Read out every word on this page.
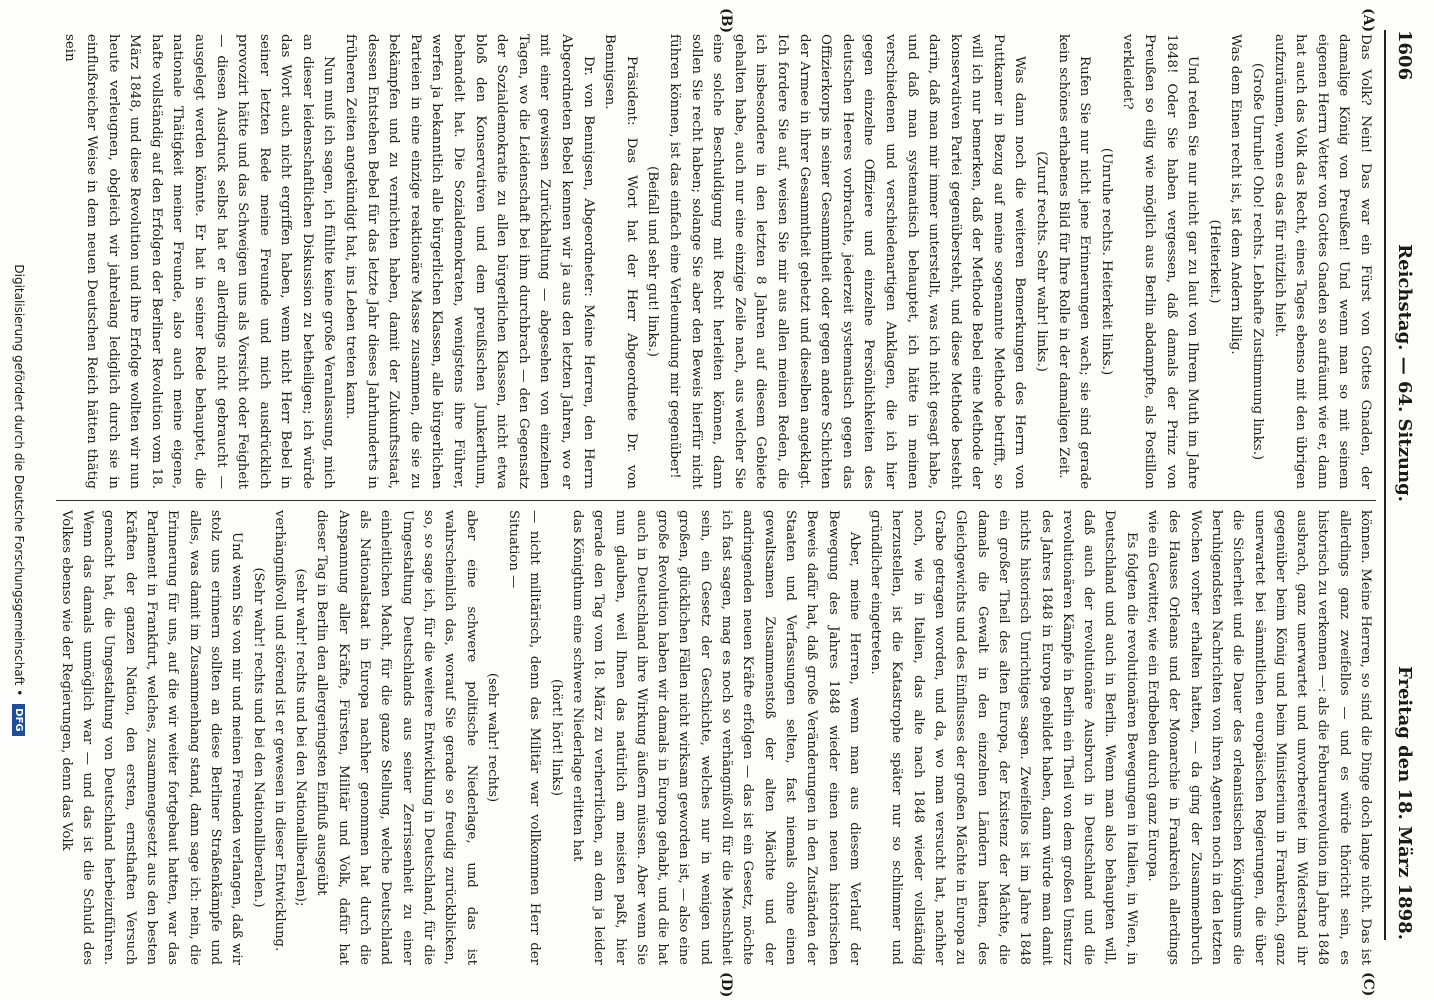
1606
Reichstag. — 64. Sitzung.
Freitag den 18. März 1898.
(A)
(B)
(C)
(D)

Das Volk? Nein! Das war ein Fürst von Gottes Gnaden, der damalige König von Preußen! Und wenn man so mit seinem eigenen Herrn Vetter von Gottes Gnaden so aufräumt wie er, dann hat auch das Volk das Recht, eines Tages ebenso mit den übrigen aufzuräumen, wenn es das für nützlich hielt.

(Große Unruhe! Oho! rechts. Lebhafte Zustimmung links.)

Was dem Einen recht ist, ist dem Andern billig.

(Heiterkeit.)

Und reden Sie nur nicht gar zu laut von Ihrem Muth im Jahre 1848! Oder Sie haben vergessen, daß damals der Prinz von Preußen so eilig wie möglich aus Berlin abdampfte, als Postillon verkleidet?

(Unruhe rechts. Heiterkeit links.)

Rufen Sie nur nicht jene Erinnerungen wach; sie sind gerade kein schönes erhabenes Bild für Ihre Rolle in der damaligen Zeit.

(Zuruf rechts. Sehr wahr! links.)

Was dann noch die weiteren Bemerkungen des Herrn von Puttkamer in Bezug auf meine sogenannte Methode betrifft, so will ich nur bemerken, daß der Methode Bebel eine Methode der konservativen Partei gegenübersteht, und diese Methode besteht darin, daß man mir immer unterstellt, was ich nicht gesagt habe, und daß man systematisch behauptet, ich hätte in meinen verschiedenen und verschiedenartigen Anklagen, die ich hier gegen einzelne Offiziere und einzelne Persönlichkeiten des deutschen Heeres vorbrachte, jederzeit systematisch gegen das Offizierkorps in seiner Gesammtheit oder gegen andere Schichten der Armee in ihrer Gesammtheit gehetzt und dieselben angeklagt. Ich fordere Sie auf, weisen Sie mir aus allen meinen Reden, die ich insbesondere in den letzten 8 Jahren auf diesem Gebiete gehalten habe, auch nur eine einzige Zeile nach, aus welcher Sie eine solche Beschuldigung mit Recht herleiten können, dann sollen Sie recht haben; solange Sie aber den Beweis hierfür nicht führen können, ist das einfach eine Verleumdung mir gegenüber!

(Beifall und sehr gut! links.)

Präsident: Das Wort hat der Herr Abgeordnete Dr. von Bennigsen.

Dr. von Bennigsen, Abgeordneter: Meine Herren, den Herrn Abgeordneten Bebel kennen wir ja aus den letzten Jahren, wo er mit einer gewissen Zurückhaltung — abgesehen von einzelnen Tagen, wo die Leidenschaft bei ihm durchbrach — den Gegensatz der Sozialdemokratie zu allen bürgerlichen Klassen, nicht etwa bloß den Konservativen und dem preußischen Junkerthum, behandelt hat. Die Sozialdemokraten, wenigstens ihre Führer, werfen ja bekanntlich alle bürgerlichen Klassen, alle bürgerlichen Parteien in eine einzige reaktionäre Masse zusammen, die sie zu bekämpfen und zu vernichten haben, damit der Zukunftsstaat, dessen Entstehen Bebel für das letzte Jahr dieses Jahrhunderts in früheren Zeiten angekündigt hat, ins Leben treten kann.

Nun muß ich sagen, ich fühlte keine große Veranlassung, mich an dieser leidenschaftlichen Diskussion zu betheiligen; ich würde das Wort auch nicht ergriffen haben, wenn nicht Herr Bebel in seiner letzten Rede meine Freunde und mich ausdrücklich provozirt hätte und das Schweigen uns als Vorsicht oder Feigheit — diesen Ausdruck selbst hat er allerdings nicht gebraucht — ausgelegt werden könnte. Er hat in seiner Rede behauptet, die nationale Thätigkeit meiner Freunde, also auch meine eigene, hafte vollständig auf den Erfolgen der Berliner Revolution vom 18. März 1848, und diese Revolution und ihre Erfolge wollten wir nun heute verleugnen, obgleich wir jahrelang lediglich durch sie in einflußreicher Weise in dem neuen Deutschen Reich hätten thätig sein

können. Meine Herren, so sind die Dinge doch lange nicht. Das ist allerdings ganz zweifellos — und es würde thöricht sein, es historisch zu verkennen —: als die Februarrevolution im Jahre 1848 ausbrach, ganz unerwartet und unvorbereitet im Widerstand ihr gegenüber beim König und beim Ministerium in Frankreich, ganz unerwartet bei sämmtlichen europäischen Regierungen, die über die Sicherheit und die Dauer des orleanistischen Königthums die beruhigendsten Nachrichten von ihren Agenten noch in den letzten Wochen vorher erhalten hatten, — da ging der Zusammenbruch des Hauses Orleans und der Monarchie in Frankreich allerdings wie ein Gewitter, wie ein Erdbeben durch ganz Europa.

Es folgten die revolutionären Bewegungen in Italien, in Wien, in Deutschland und auch in Berlin. Wenn man also behaupten will, daß auch der revolutionäre Ausbruch in Deutschland und die revolutionären Kämpfe in Berlin ein Theil von dem großen Umsturz des Jahres 1848 in Europa gebildet haben, dann würde man damit nichts historisch Unrichtiges sagen. Zweifellos ist im Jahre 1848 ein großer Theil des alten Europa, der Existenz der Mächte, die damals die Gewalt in den einzelnen Ländern hatten, des Gleichgewichts und des Einflusses der großen Mächte in Europa zu Grabe getragen worden, und da, wo man versucht hat, nachher noch, wie in Italien, das alte nach 1848 wieder vollständig herzustellen, ist die Katastrophe später nur so schlimmer und gründlicher eingetreten.

Aber, meine Herren, wenn man aus diesem Verlauf der Bewegung des Jahres 1848 wieder einen neuen historischen Beweis dafür hat, daß große Veränderungen in den Zuständen der Staaten und Verfassungen selten, fast niemals ohne einen gewaltsamen Zusammenstoß der alten Mächte und der andringenden neuen Kräfte erfolgen — das ist ein Gesetz, möchte ich fast sagen, mag es noch so verhängnißvoll für die Menschheit sein, ein Gesetz der Geschichte, welches nur in wenigen und großen, glücklichen Fällen nicht wirksam geworden ist, — also eine große Revolution haben wir damals in Europa gehabt, und die hat auch in Deutschland ihre Wirkung äußern müssen. Aber wenn Sie nun glauben, weil Ihnen das natürlich am meisten paßt, hier gerade den Tag vom 18. März zu verherrlichen, an dem ja leider das Königthum eine schwere Niederlage erlitten hat

(hört! hört! links)

— nicht militärisch, denn das Militär war vollkommen Herr der Situation —

(sehr wahr! rechts)

aber eine schwere politische Niederlage, und das ist wahrscheinlich das, worauf Sie gerade so freudig zurückblicken, so, so sage ich, für die weitere Entwicklung in Deutschland, für die Umgestaltung Deutschlands aus seiner Zerrissenheit zu einer einheitlichen Macht, für die ganze Stellung, welche Deutschland als Nationalstaat in Europa nachher genommen hat durch die Anspannung aller Kräfte, Fürsten, Militär und Volk, dafür hat dieser Tag in Berlin den allergeringsten Einfluß ausgeübt

(sehr wahr! rechts und bei den Nationalliberalen);

verhängnißvoll und störend ist er gewesen in dieser Entwicklung.

(Sehr wahr! rechts und bei den Nationalliberalen.)

Und wenn Sie von mir und meinen Freunden verlangen, daß wir stolz uns erinnern sollten an diese Berliner Straßenkämpfe und alles, was damit im Zusammenhang stand, dann sage ich: nein, die Erinnerung für uns, auf die wir weiter fortgebaut hatten, war das Parlament in Frankfurt, welches, zusammengesetzt aus den besten Kräften der ganzen Nation, den ersten, ernsthaften Versuch gemacht hat, die Umgestaltung von Deutschland herbeizuführen. Wenn das damals unmöglich war — und das ist die Schuld des Volkes ebenso wie der Regierungen, denn das Volk

Digitalisierung gefördert durch die Deutsche Forschungsgemeinschaft •
DFG
